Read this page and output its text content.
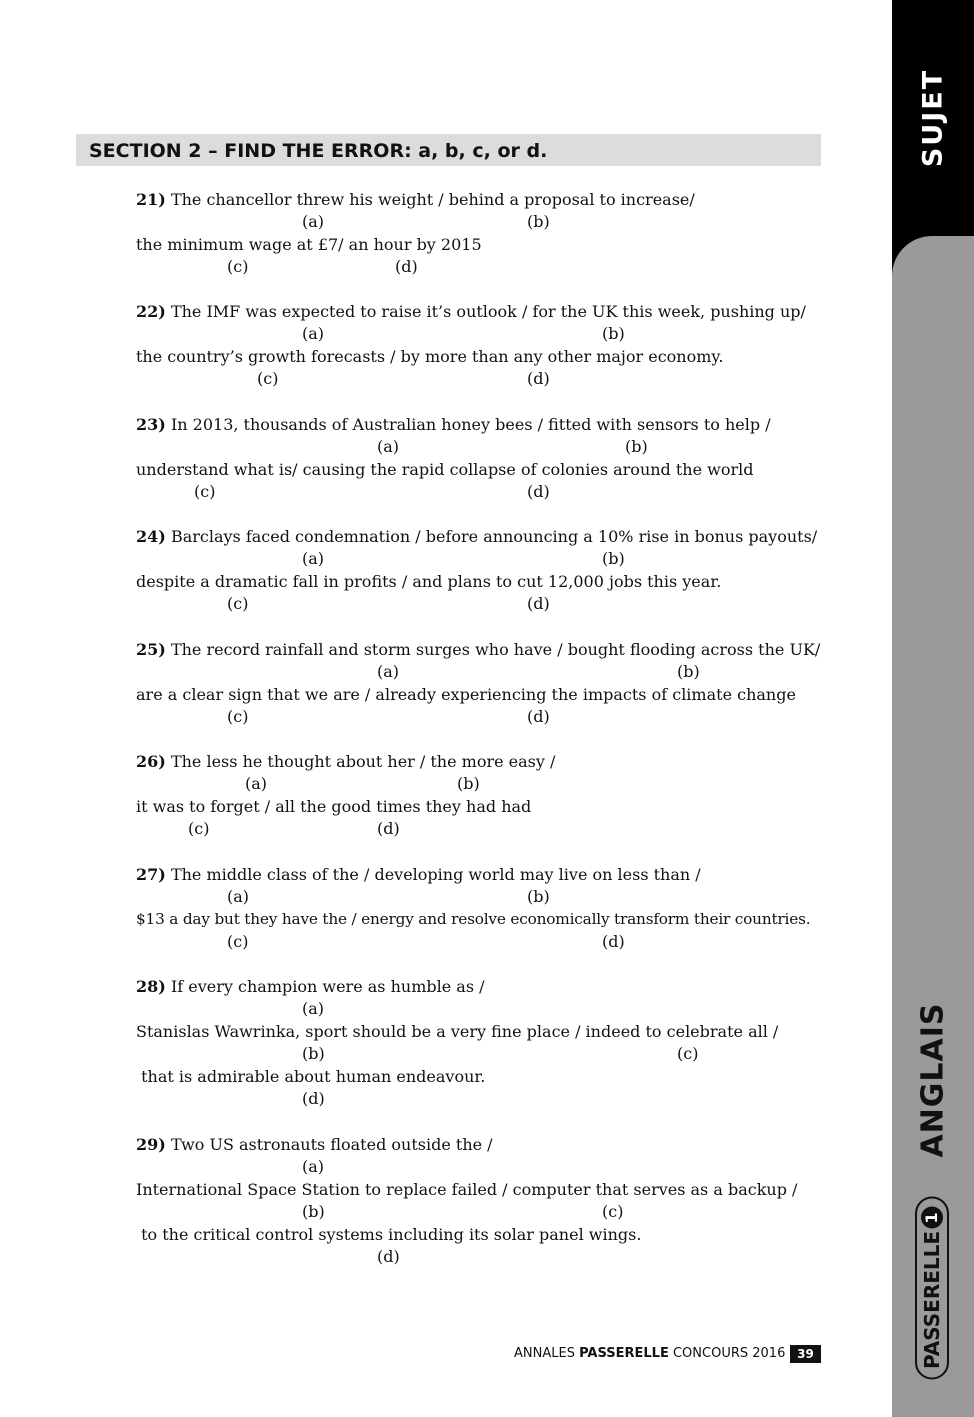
SUJET
ANGLAIS
PASSERELLE
1
SECTION 2 – FIND THE ERROR: a, b, c, or d.
21) The chancellor threw his weight / behind a proposal to increase/
(a)	(b)
the minimum wage at £7/ an hour by 2015
(c)	(d)
22) The IMF was expected to raise it’s outlook / for the UK this week, pushing up/
(a)	(b)
the country’s growth forecasts / by more than any other major economy.
(c)	(d)
23) In 2013, thousands of Australian honey bees / fitted with sensors to help /
(a)	(b)
understand what is/ causing the rapid collapse of colonies around the world
(c)	(d)
24) Barclays faced condemnation / before announcing a 10% rise in bonus payouts/
(a)	(b)
despite a dramatic fall in profits / and plans to cut 12,000 jobs this year.
(c)	(d)
25) The record rainfall and storm surges who have / bought flooding across the UK/
(a)	(b)
are a clear sign that we are / already experiencing the impacts of climate change
(c)	(d)
26) The less he thought about her / the more easy /
(a)	(b)
it was to forget / all the good times they had had
(c)	(d)
27) The middle class of the / developing world may live on less than /
(a)	(b)
$13 a day but they have the / energy and resolve economically transform their countries.
(c)	(d)
28) If every champion were as humble as /
(a)
Stanislas Wawrinka, sport should be a very fine place / indeed to celebrate all /
(b)	(c)
that is admirable about human endeavour.
(d)
29) Two US astronauts floated outside the /
(a)
International Space Station to replace failed / computer that serves as a backup /
(b)	(c)
to the critical control systems including its solar panel wings.
(d)
ANNALES PASSERELLE CONCOURS 2016 39
